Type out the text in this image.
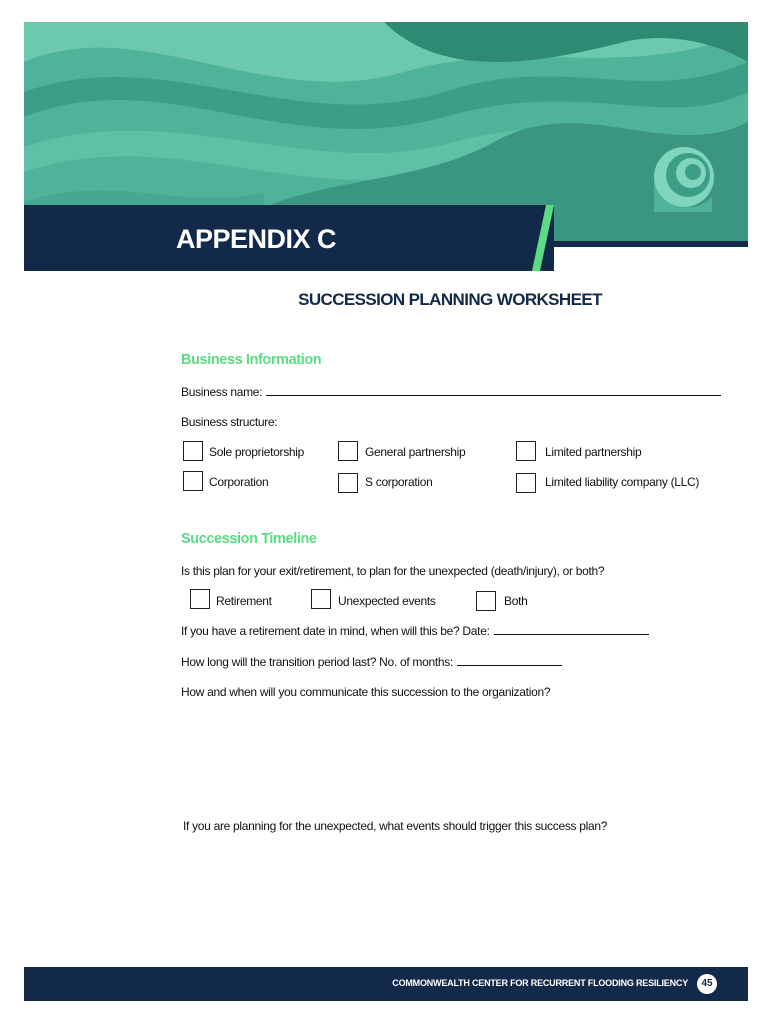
APPENDIX C
SUCCESSION PLANNING WORKSHEET
Business Information
Business name:
Business structure:
Sole proprietorship	General partnership	Limited partnership
Corporation	S corporation	Limited liability company (LLC)
Succession Timeline
Is this plan for your exit/retirement, to plan for the unexpected (death/injury), or both?
Retirement	Unexpected events	Both
If you have a retirement date in mind, when will this be? Date:
How long will the transition period last? No. of months:
How and when will you communicate this succession to the organization?
If you are planning for the unexpected, what events should trigger this success plan?
COMMONWEALTH CENTER FOR RECURRENT FLOODING RESILIENCY	45
